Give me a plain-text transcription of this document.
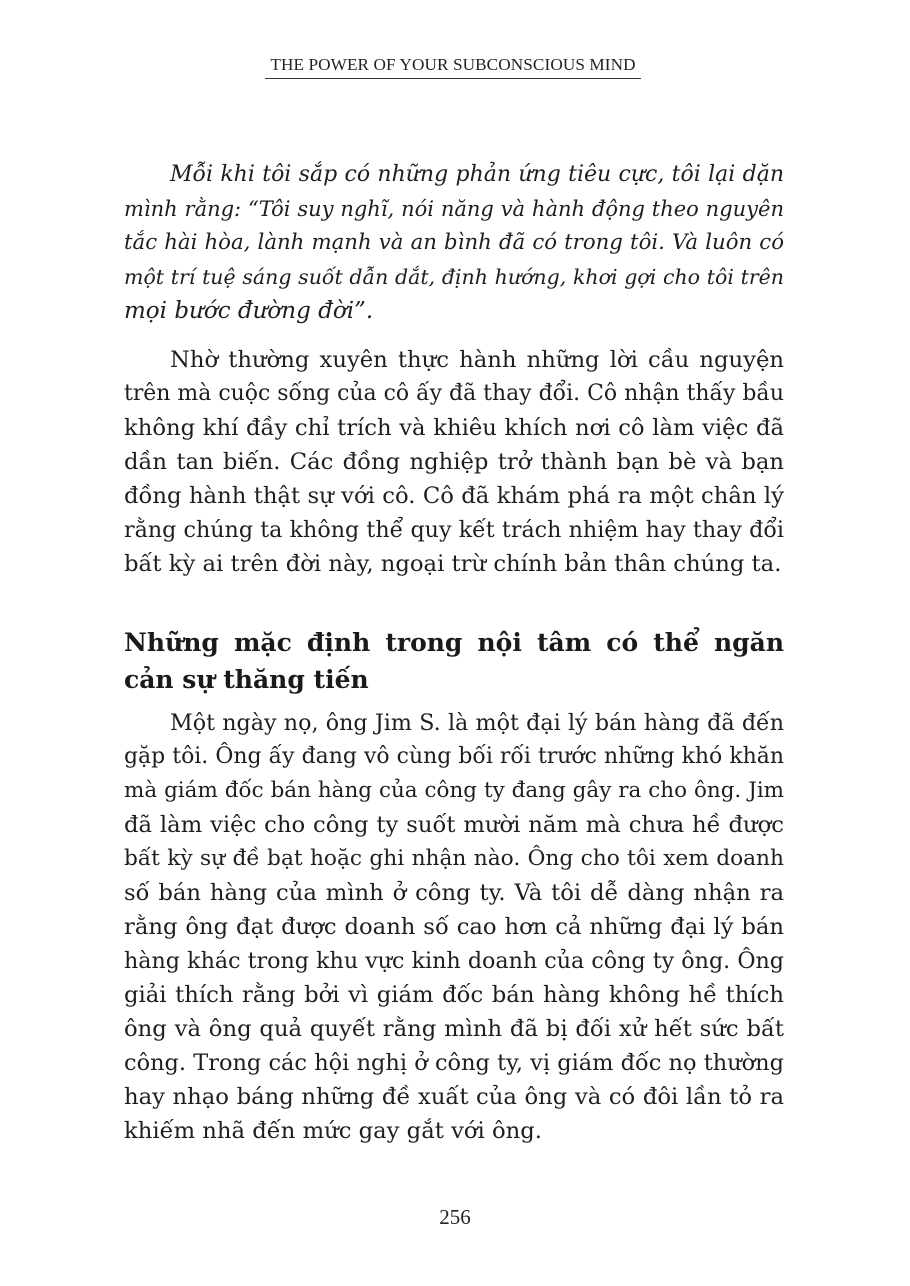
THE POWER OF YOUR SUBCONSCIOUS MIND
Mỗi khi tôi sắp có những phản ứng tiêu cực, tôi lại dặn
mình rằng: “Tôi suy nghĩ, nói năng và hành động theo nguyên
tắc hài hòa, lành mạnh và an bình đã có trong tôi. Và luôn có
một trí tuệ sáng suốt dẫn dắt, định hướng, khơi gợi cho tôi trên
mọi bước đường đời”.
Nhờ thường xuyên thực hành những lời cầu nguyện
trên mà cuộc sống của cô ấy đã thay đổi. Cô nhận thấy bầu
không khí đầy chỉ trích và khiêu khích nơi cô làm việc đã
dần tan biến. Các đồng nghiệp trở thành bạn bè và bạn
đồng hành thật sự với cô. Cô đã khám phá ra một chân lý
rằng chúng ta không thể quy kết trách nhiệm hay thay đổi
bất kỳ ai trên đời này, ngoại trừ chính bản thân chúng ta.
Những mặc định trong nội tâm có thể ngăn
cản sự thăng tiến
Một ngày nọ, ông Jim S. là một đại lý bán hàng đã đến
gặp tôi. Ông ấy đang vô cùng bối rối trước những khó khăn
mà giám đốc bán hàng của công ty đang gây ra cho ông. Jim
đã làm việc cho công ty suốt mười năm mà chưa hề được
bất kỳ sự đề bạt hoặc ghi nhận nào. Ông cho tôi xem doanh
số bán hàng của mình ở công ty. Và tôi dễ dàng nhận ra
rằng ông đạt được doanh số cao hơn cả những đại lý bán
hàng khác trong khu vực kinh doanh của công ty ông. Ông
giải thích rằng bởi vì giám đốc bán hàng không hề thích
ông và ông quả quyết rằng mình đã bị đối xử hết sức bất
công. Trong các hội nghị ở công ty, vị giám đốc nọ thường
hay nhạo báng những đề xuất của ông và có đôi lần tỏ ra
khiếm nhã đến mức gay gắt với ông.
256
